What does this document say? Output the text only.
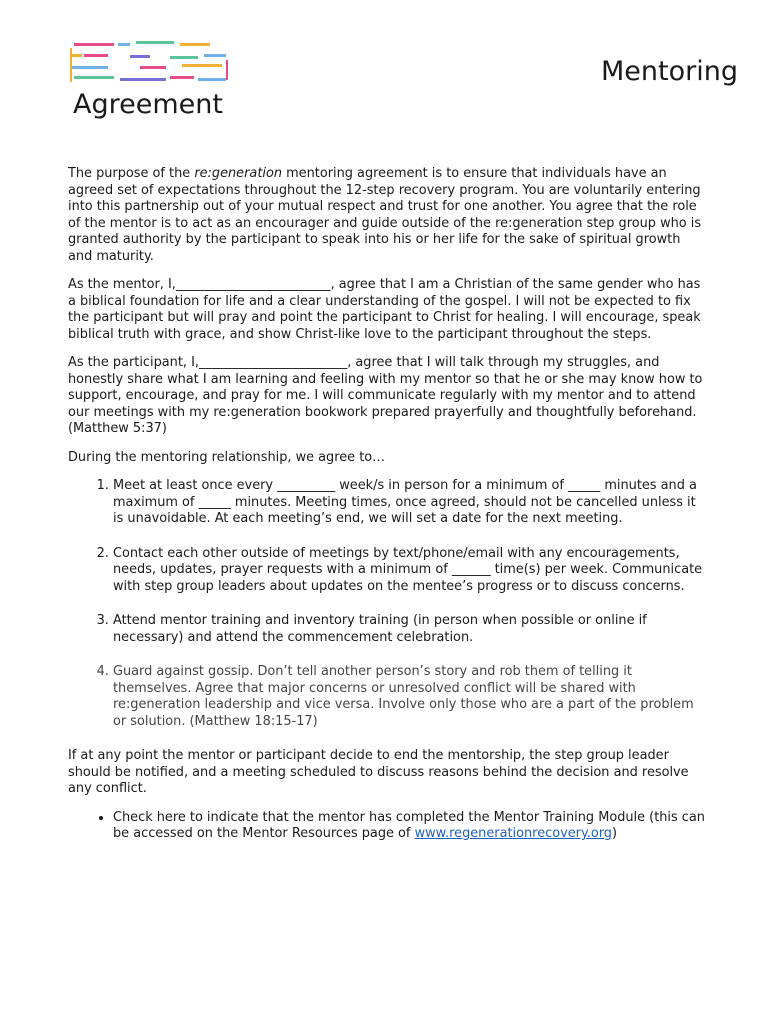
Mentoring
Agreement

The purpose of the re:generation mentoring agreement is to ensure that individuals have an agreed set of expectations throughout the 12-step recovery program. You are voluntarily entering into this partnership out of your mutual respect and trust for one another. You agree that the role of the mentor is to act as an encourager and guide outside of the re:generation step group who is granted authority by the participant to speak into his or her life for the sake of spiritual growth and maturity.

As the mentor, I,________________________, agree that I am a Christian of the same gender who has a biblical foundation for life and a clear understanding of the gospel. I will not be expected to fix the participant but will pray and point the participant to Christ for healing. I will encourage, speak biblical truth with grace, and show Christ-like love to the participant throughout the steps.

As the participant, I,_______________________, agree that I will talk through my struggles, and honestly share what I am learning and feeling with my mentor so that he or she may know how to support, encourage, and pray for me. I will communicate regularly with my mentor and to attend our meetings with my re:generation bookwork prepared prayerfully and thoughtfully beforehand. (Matthew 5:37)

During the mentoring relationship, we agree to…

1. Meet at least once every _________ week/s in person for a minimum of _____ minutes and a maximum of _____ minutes. Meeting times, once agreed, should not be cancelled unless it is unavoidable. At each meeting’s end, we will set a date for the next meeting.
2. Contact each other outside of meetings by text/phone/email with any encouragements, needs, updates, prayer requests with a minimum of ______ time(s) per week. Communicate with step group leaders about updates on the mentee’s progress or to discuss concerns.
3. Attend mentor training and inventory training (in person when possible or online if necessary) and attend the commencement celebration.
4. Guard against gossip. Don’t tell another person’s story and rob them of telling it themselves. Agree that major concerns or unresolved conflict will be shared with re:generation leadership and vice versa. Involve only those who are a part of the problem or solution. (Matthew 18:15-17)

If at any point the mentor or participant decide to end the mentorship, the step group leader should be notified, and a meeting scheduled to discuss reasons behind the decision and resolve any conflict.

• Check here to indicate that the mentor has completed the Mentor Training Module (this can be accessed on the Mentor Resources page of www.regenerationrecovery.org)
